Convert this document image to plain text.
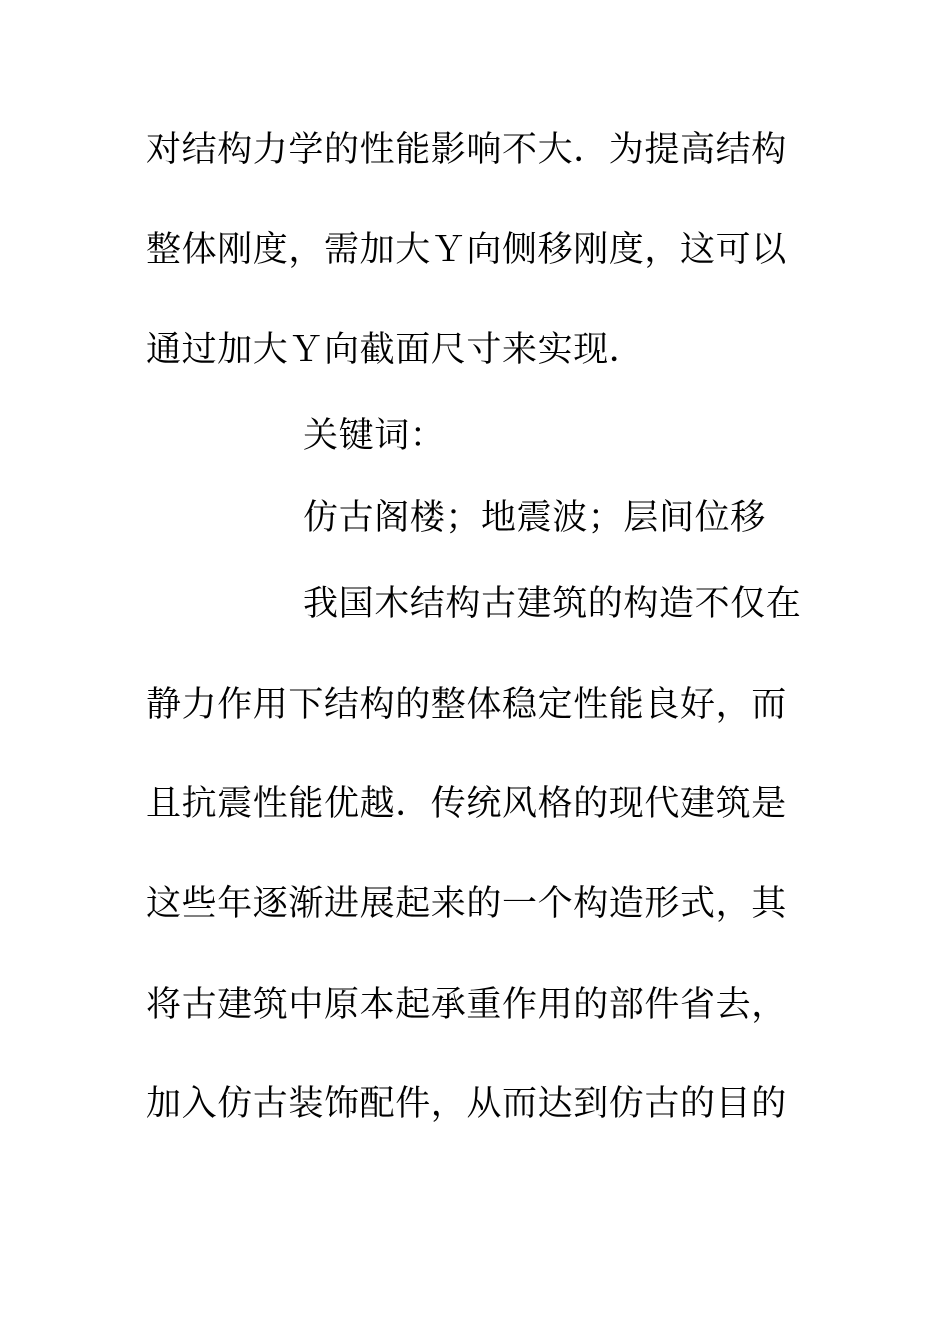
对结构力学的性能影响不大．为提高结构
整体刚度，需加大Ｙ向侧移刚度，这可以
通过加大Ｙ向截面尺寸来实现．
关键词：
仿古阁楼；地震波；层间位移
我国木结构古建筑的构造不仅在
静力作用下结构的整体稳定性能良好，而
且抗震性能优越．传统风格的现代建筑是
这些年逐渐进展起来的一个构造形式，其
将古建筑中原本起承重作用的部件省去，
加入仿古装饰配件，从而达到仿古的目的
